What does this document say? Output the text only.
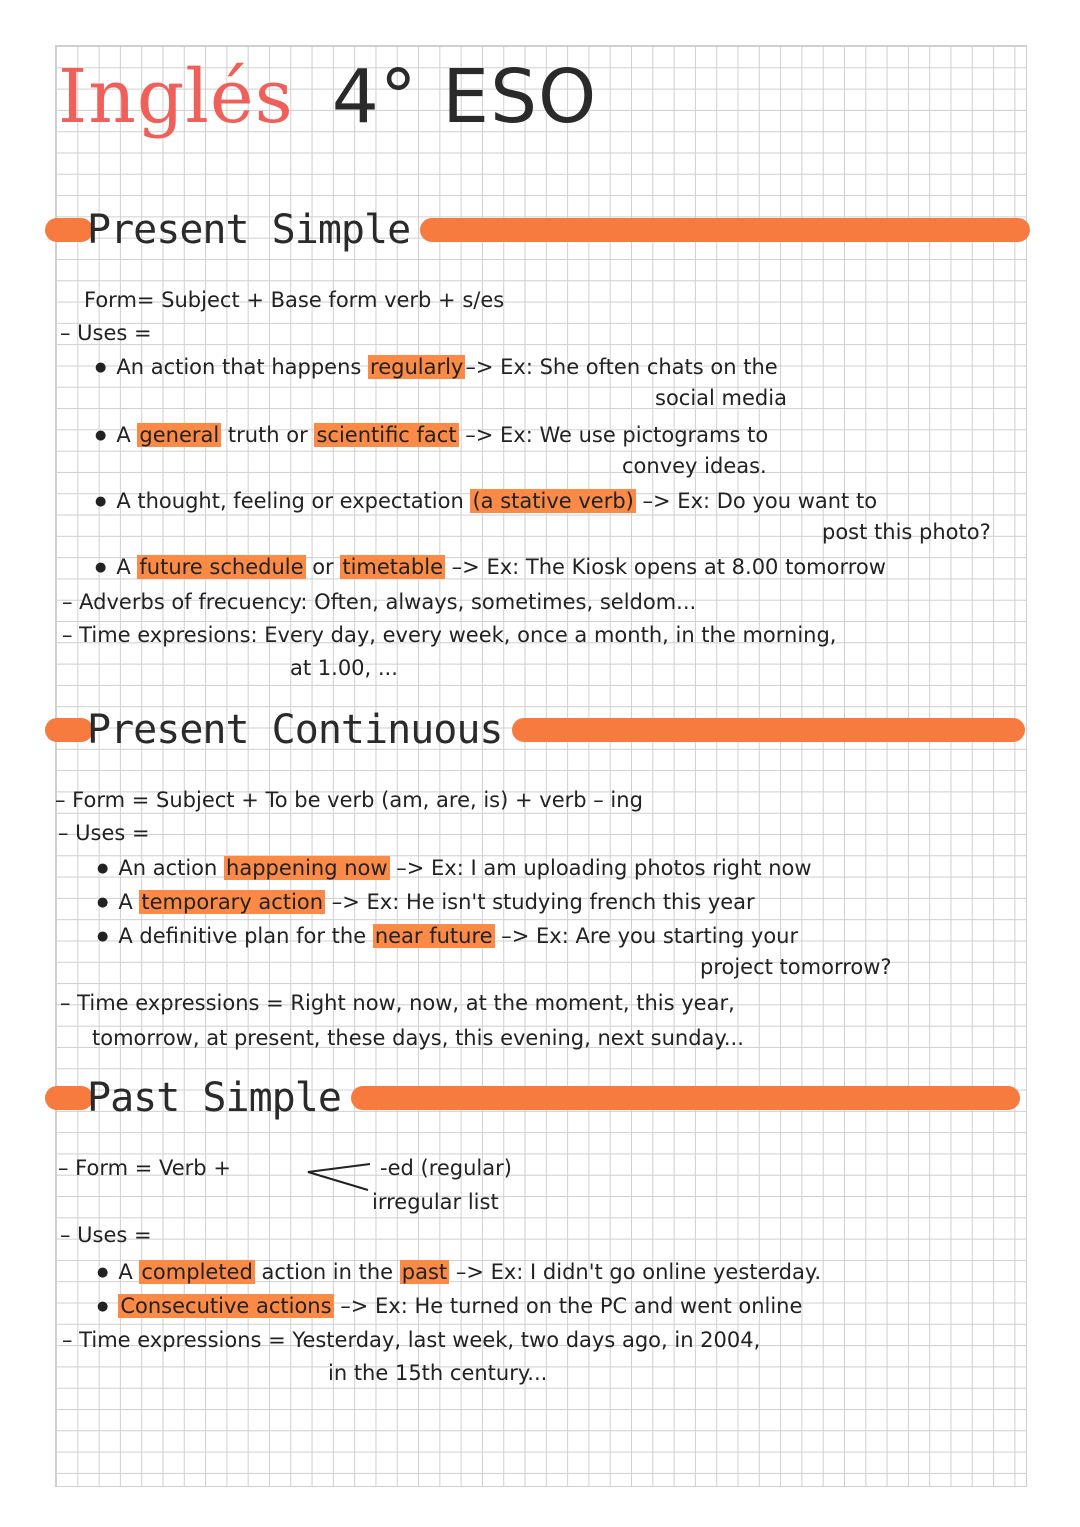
Inglés 4° ESO
Present Simple
Form= Subject + Base form verb + s/es
– Uses =
● An action that happens regularly–> Ex: She often chats on the
social media
● A general truth or scientific fact –> Ex: We use pictograms to
convey ideas.
● A thought, feeling or expectation (a stative verb) –> Ex: Do you want to
post this photo?
● A future schedule or timetable –> Ex: The Kiosk opens at 8.00 tomorrow
– Adverbs of frecuency: Often, always, sometimes, seldom...
– Time expresions: Every day, every week, once a month, in the morning,
at 1.00, ...
Present Continuous
– Form = Subject + To be verb (am, are, is) + verb – ing
– Uses =
● An action happening now –> Ex: I am uploading photos right now
● A temporary action –> Ex: He isn't studying french this year
● A definitive plan for the near future –> Ex: Are you starting your
project tomorrow?
– Time expressions = Right now, now, at the moment, this year,
tomorrow, at present, these days, this evening, next sunday...
Past Simple
– Form = Verb +	-ed (regular)
irregular list
– Uses =
● A completed action in the past –> Ex: I didn't go online yesterday.
● Consecutive actions –> Ex: He turned on the PC and went online
– Time expressions = Yesterday, last week, two days ago, in 2004,
in the 15th century...
